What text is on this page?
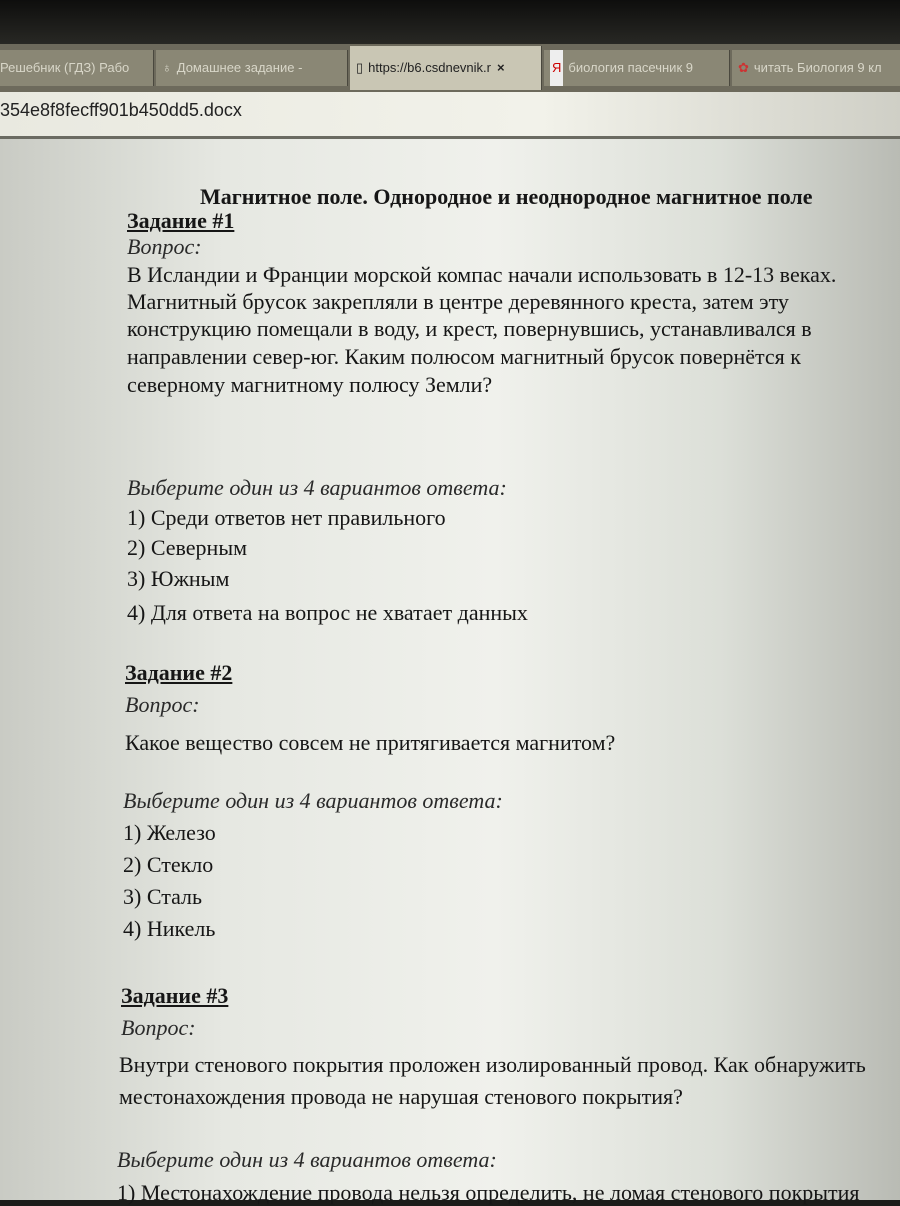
Решебник (ГДЗ) Рабо	♁ Домашнее задание -	▯ https://b6.csdnevnik.r ×	Я биология пасечник 9	✿ читать Биология 9 кл
354e8f8fecff901b450dd5.docx
Магнитное поле. Однородное и неоднородное магнитное поле
Задание #1
Вопрос:
В Исландии и Франции морской компас начали использовать в 12-13 веках.
Магнитный брусок закрепляли в центре деревянного креста, затем эту
конструкцию помещали в воду, и крест, повернувшись, устанавливался в
направлении север-юг. Каким полюсом магнитный брусок повернётся к
северному магнитному полюсу Земли?
Выберите один из 4 вариантов ответа:
1) Среди ответов нет правильного
2) Северным
3) Южным
4) Для ответа на вопрос не хватает данных
Задание #2
Вопрос:
Какое вещество совсем не притягивается магнитом?
Выберите один из 4 вариантов ответа:
1) Железо
2) Стекло
3) Сталь
4) Никель
Задание #3
Вопрос:
Внутри стенового покрытия проложен изолированный провод. Как обнаружить
местонахождения провода не нарушая стенового покрытия?
Выберите один из 4 вариантов ответа:
1) Местонахождение провода нельзя определить, не ломая стенового покрытия
